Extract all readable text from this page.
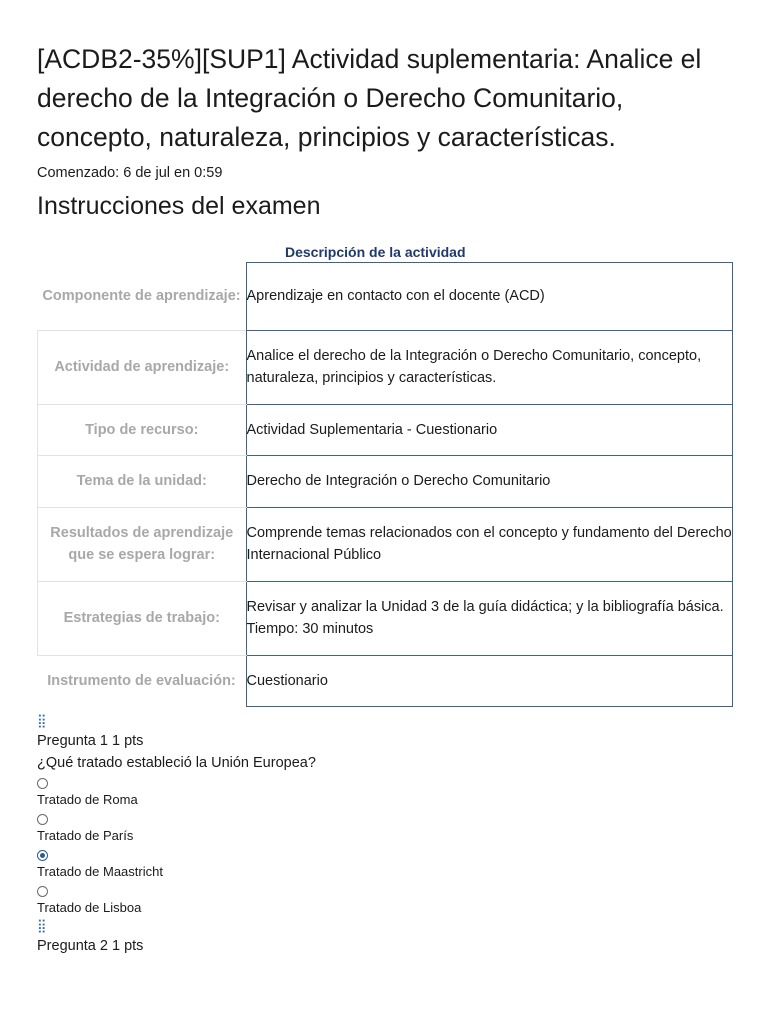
[ACDB2-35%][SUP1] Actividad suplementaria: Analice el derecho de la Integración o Derecho Comunitario, concepto, naturaleza, principios y características.
Comenzado: 6 de jul en 0:59
Instrucciones del examen
Descripción de la actividad
Componente de aprendizaje:	Aprendizaje en contacto con el docente (ACD)
Actividad de aprendizaje:	Analice el derecho de la Integración o Derecho Comunitario, concepto, naturaleza, principios y características.
Tipo de recurso:	Actividad Suplementaria - Cuestionario
Tema de la unidad:	Derecho de Integración o Derecho Comunitario
Resultados de aprendizaje que se espera lograr:	Comprende temas relacionados con el concepto y fundamento del Derecho Internacional Público
Estrategias de trabajo:	Revisar y analizar la Unidad 3 de la guía didáctica; y la bibliografía básica. Tiempo: 30 minutos
Instrumento de evaluación:	Cuestionario
⣿
Pregunta 1 1 pts
¿Qué tratado estableció la Unión Europea?
Tratado de Roma
Tratado de París
Tratado de Maastricht
Tratado de Lisboa
⣿
Pregunta 2 1 pts
